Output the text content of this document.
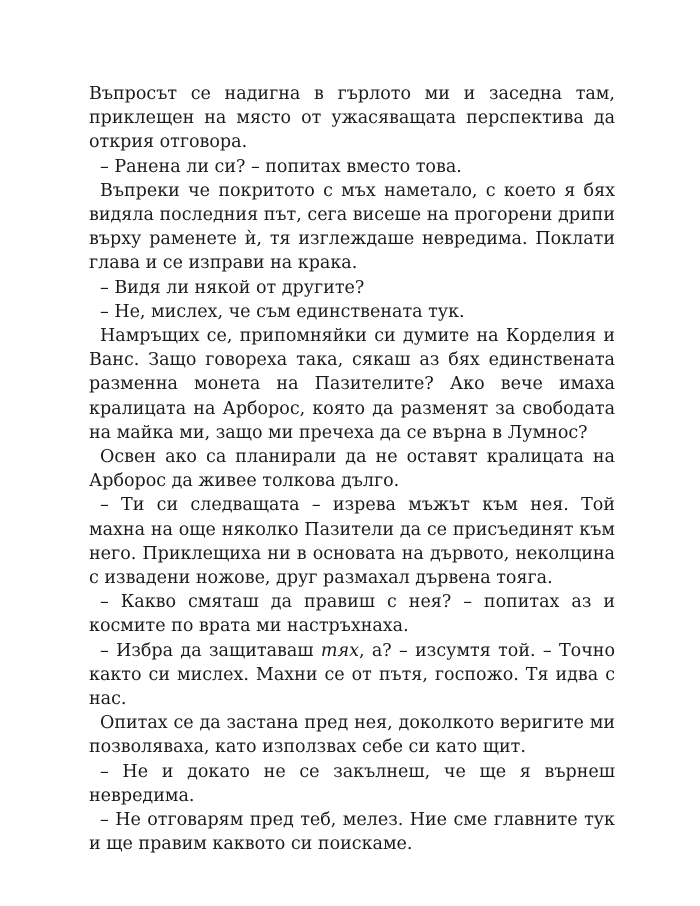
Въпросът се надигна в гърлото ми и заседна там, приклещен на място от ужасяващата перспектива да открия отговора.

– Ранена ли си? – попитах вместо това.

Въпреки че покритото с мъх наметало, с което я бях видяла последния път, сега висеше на прогорени дрипи върху раменете ѝ, тя изглеждаше невредима. Поклати глава и се изправи на крака.

– Видя ли някой от другите?

– Не, мислех, че съм единствената тук.

Намръщих се, припомняйки си думите на Корделия и Ванс. Защо говореха така, сякаш аз бях единствената разменна монета на Пазителите? Ако вече имаха кралицата на Арборос, която да разменят за свободата на майка ми, защо ми пречеха да се върна в Лумнос?

Освен ако са планирали да не оставят кралицата на Арборос да живее толкова дълго.

– Ти си следващата – изрева мъжът към нея. Той махна на още няколко Пазители да се присъединят към него. Приклещиха ни в основата на дървото, неколцина с извадени ножове, друг размахал дървена тояга.

– Какво смяташ да правиш с нея? – попитах аз и космите по врата ми настръхнаха.

– Избра да защитаваш тях, а? – изсумтя той. – Точно както си мислех. Махни се от пътя, госпожо. Тя идва с нас.

Опитах се да застана пред нея, доколкото веригите ми позволяваха, като използвах себе си като щит.

– Не и докато не се закълнеш, че ще я върнеш невредима.

– Не отговарям пред теб, мелез. Ние сме главните тук и ще правим каквото си поискаме.
